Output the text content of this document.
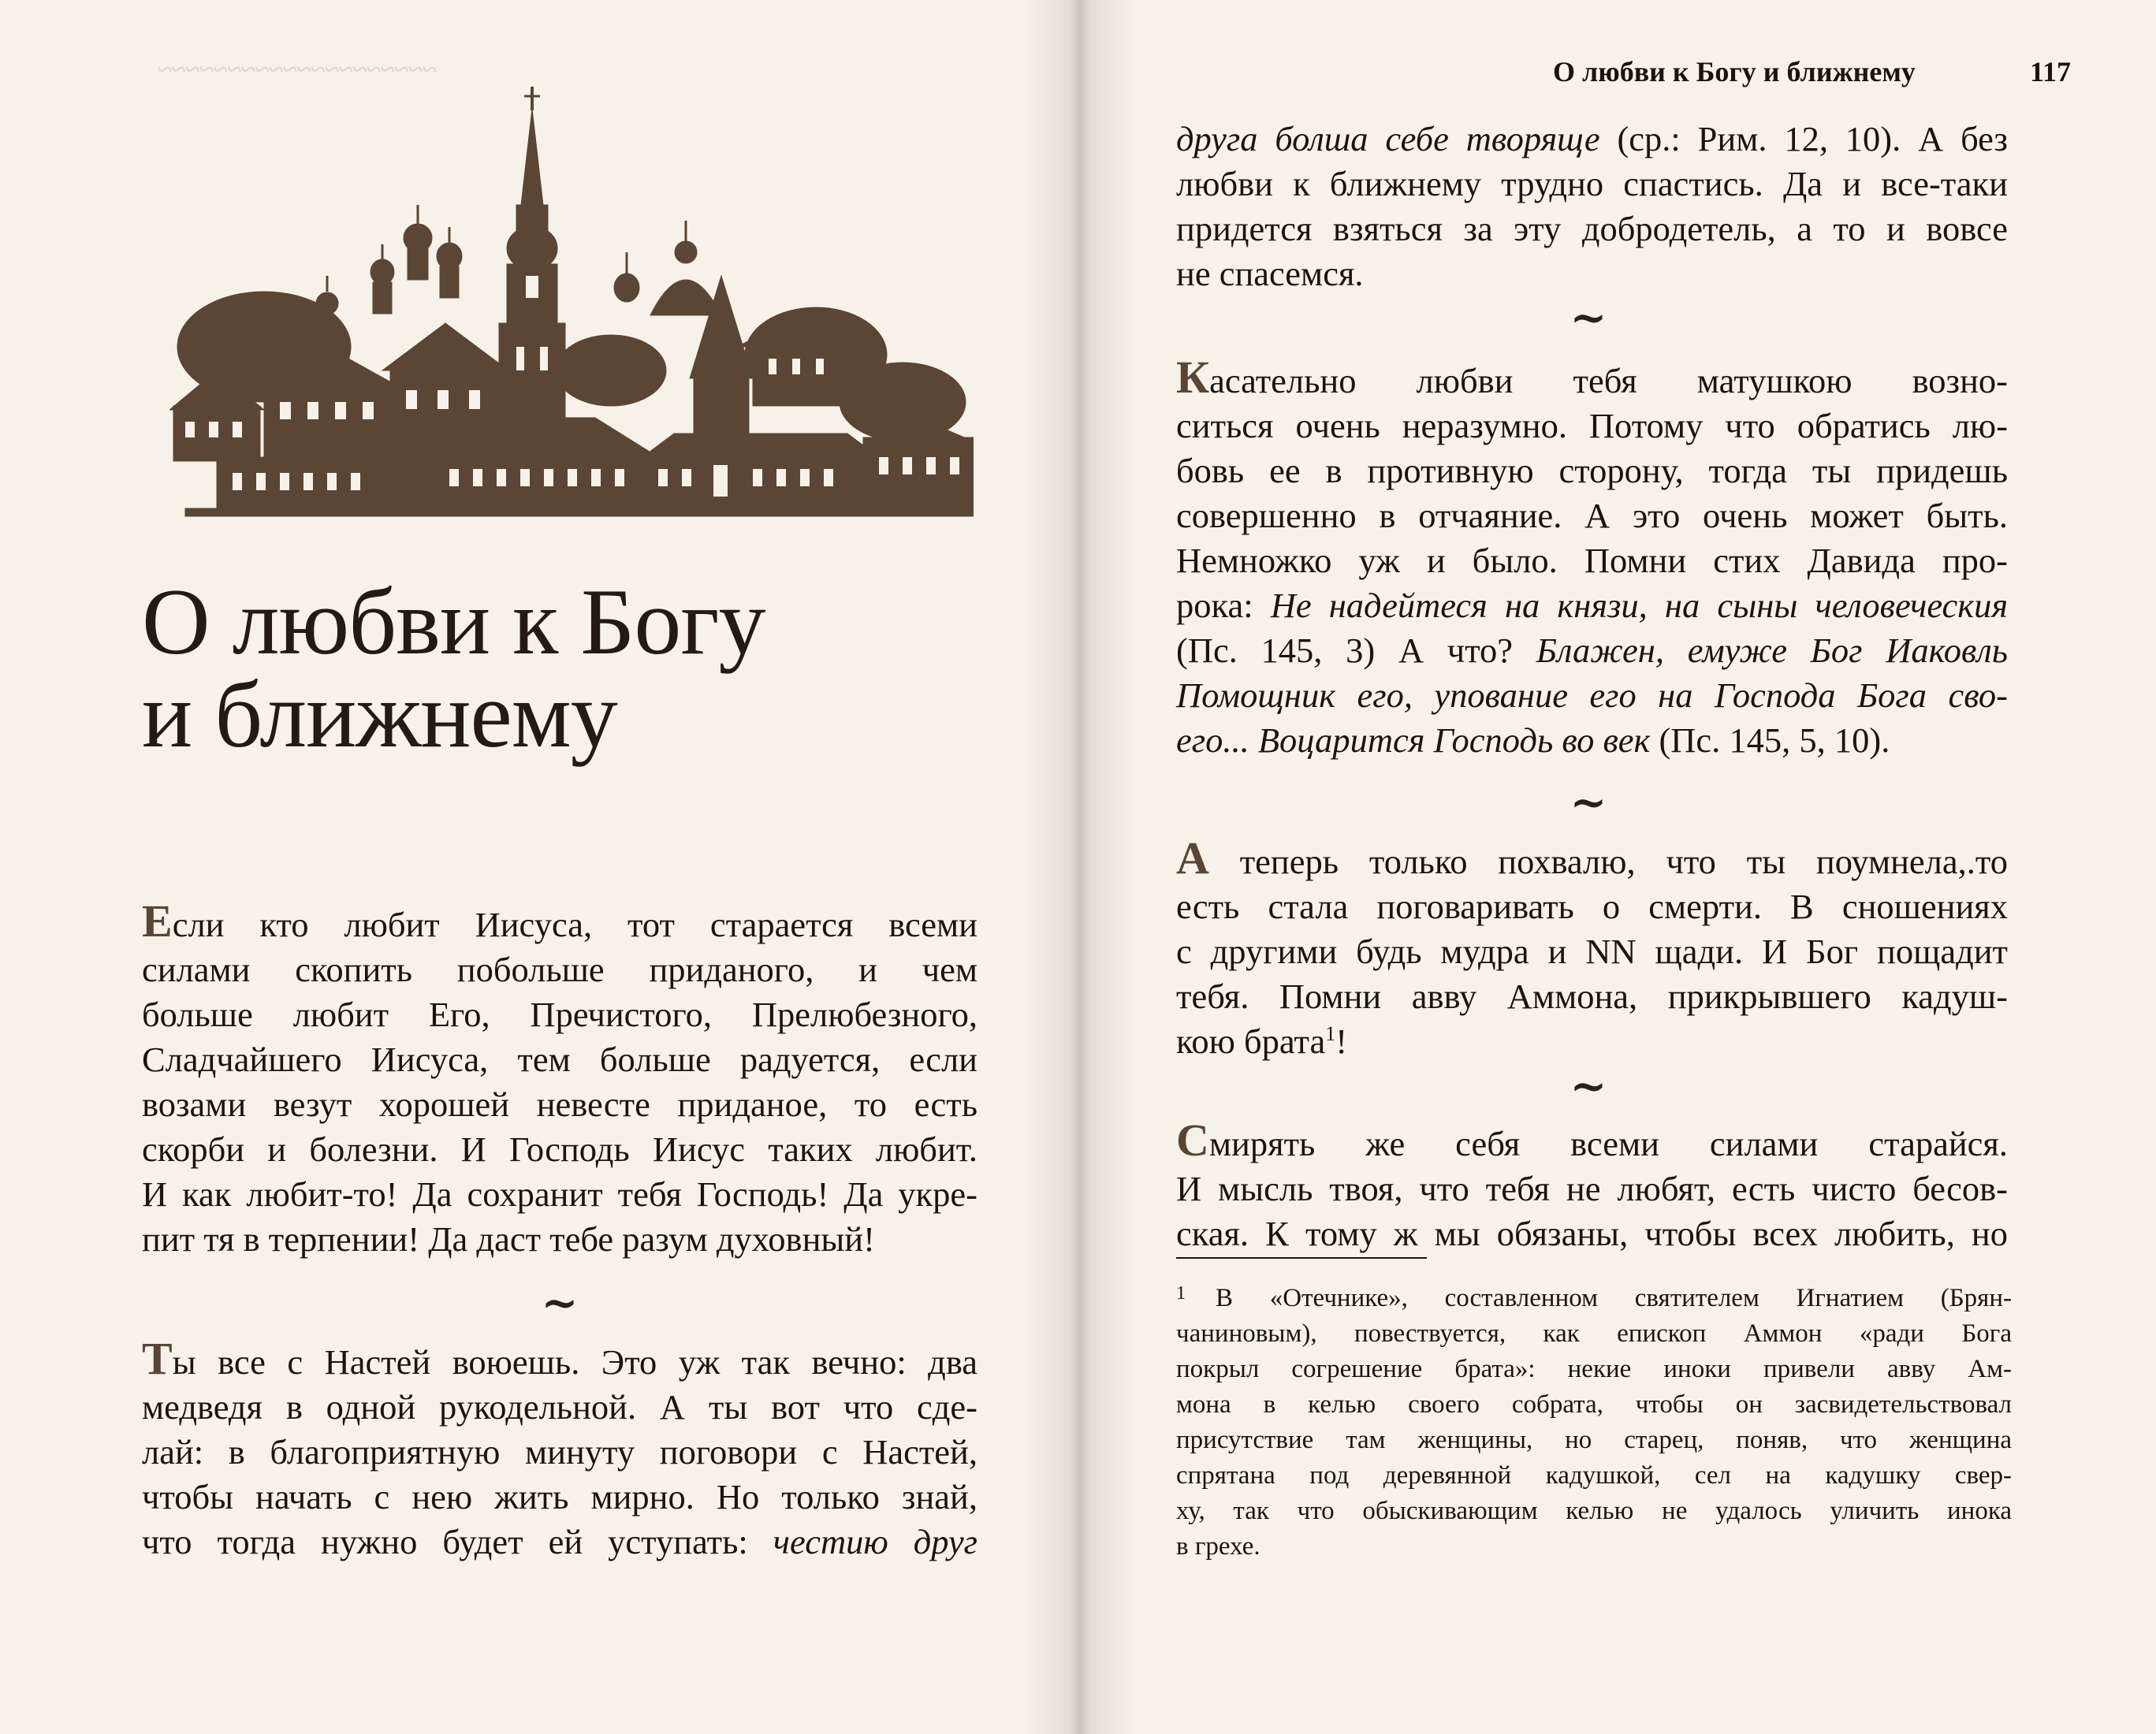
~~~~~~~~~~~~~~~~~~~~
О любви к Богу
и ближнему
Если кто любит Иисуса, тот старается всеми
силами скопить побольше приданого, и чем
больше любит Его, Пречистого, Прелюбезного,
Сладчайшего Иисуса, тем больше радуется, если
возами везут хорошей невесте приданое, то есть
скорби и болезни. И Господь Иисус таких любит.
И как любит-то! Да сохранит тебя Господь! Да укре-
пит тя в терпении! Да даст тебе разум духовный!
~
Ты все с Настей воюешь. Это уж так вечно: два
медведя в одной рукодельной. А ты вот что сде-
лай: в благоприятную минуту поговори с Настей,
чтобы начать с нею жить мирно. Но только знай,
что тогда нужно будет ей уступать: честию друг
О любви к Богу и ближнему	117
друга болша себе творяще (ср.: Рим. 12, 10). А без
любви к ближнему трудно спастись. Да и все-таки
придется взяться за эту добродетель, а то и вовсе
не спасемся.
~
Касательно любви тебя матушкою возно-
ситься очень неразумно. Потому что обратись лю-
бовь ее в противную сторону, тогда ты придешь
совершенно в отчаяние. А это очень может быть.
Немножко уж и было. Помни стих Давида про-
рока: Не надейтеся на князи, на сыны человеческия
(Пс. 145, 3) А что? Блажен, емуже Бог Иаковль
Помощник его, упование его на Господа Бога сво-
его... Воцарится Господь во век (Пс. 145, 5, 10).
~
А теперь только похвалю, что ты поумнела,.то
есть стала поговаривать о смерти. В сношениях
с другими будь мудра и NN щади. И Бог пощадит
тебя. Помни авву Аммона, прикрывшего кадуш-
кою брата$^1$!
~
Смирять же себя всеми силами старайся.
И мысль твоя, что тебя не любят, есть чисто бесов-
ская. К тому ж мы обязаны, чтобы всех любить, но
1 В «Отечнике», составленном святителем Игнатием (Брян-
чаниновым), повествуется, как епископ Аммон «ради Бога
покрыл согрешение брата»: некие иноки привели авву Ам-
мона в келью своего собрата, чтобы он засвидетельствовал
присутствие там женщины, но старец, поняв, что женщина
спрятана под деревянной кадушкой, сел на кадушку свер-
ху, так что обыскивающим келью не удалось уличить инока
в грехе.
